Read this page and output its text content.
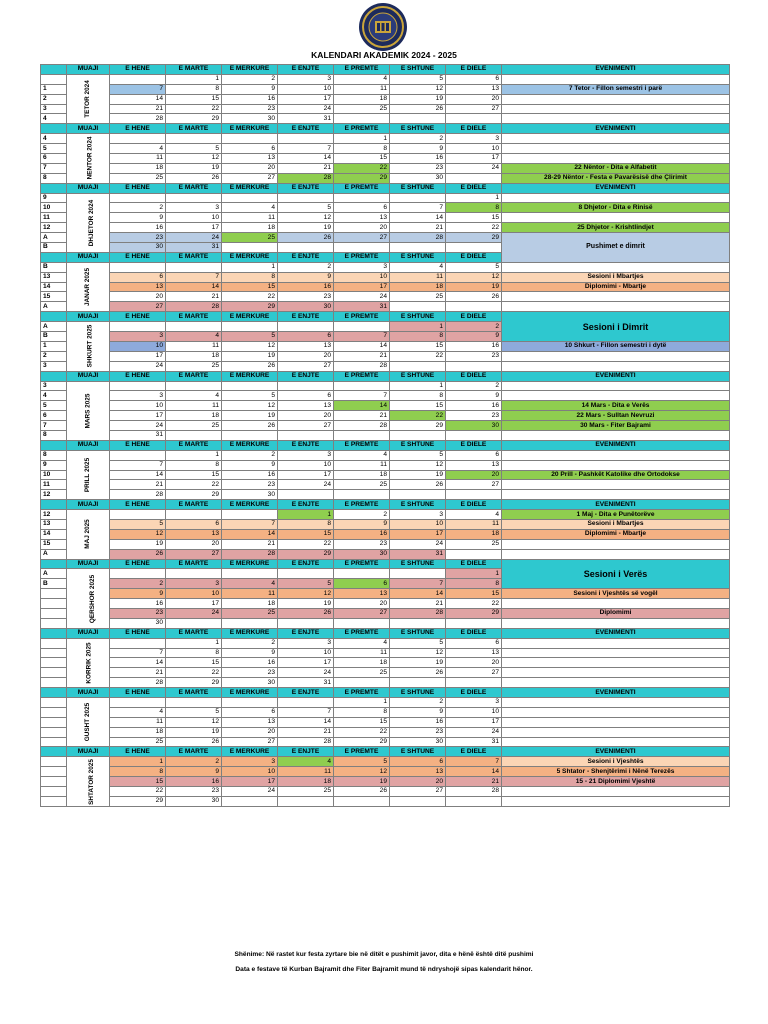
KALENDARI AKADEMIK 2024 - 2025
	MUAJI	E HENE	E MARTE	E MERKURE	E ENJTE	E PREMTE	E SHTUNE	E DIELE	EVENIMENTI	
	TETOR 2024		1	2	3	4	5	6		
1		7	8	9	10	11	12	13	7 Tetor - Fillon semestri i parë	
2		14	15	16	17	18	19	20		
3		21	22	23	24	25	26	27		
4		28	29	30	31					
	MUAJI	E HENE	E MARTE	E MERKURE	E ENJTE	E PREMTE	E SHTUNE	E DIELE	EVENIMENTI	
4	NENTOR 2024					1	2	3		
5		4	5	6	7	8	9	10		
6		11	12	13	14	15	16	17		
7		18	19	20	21	22	23	24	22 Nëntor - Dita e Alfabetit	
8		25	26	27	28	29	30		28-29 Nëntor - Festa e Pavarësisë dhe Çlirimit	
	MUAJI	E HENE	E MARTE	E MERKURE	E ENJTE	E PREMTE	E SHTUNE	E DIELE	EVENIMENTI	
9	DHJETOR 2024							1		
10		2	3	4	5	6	7	8	8 Dhjetor - Dita e Rinisë	
11		9	10	11	12	13	14	15		
12		16	17	18	19	20	21	22	25 Dhjetor - Krishtlindjet	
A		23	24	25	26	27	28	29	Pushimet e dimrit	
B		30	31							
	MUAJI	E HENE	E MARTE	E MERKURE	E ENJTE	E PREMTE	E SHTUNE	E DIELE	
B	JANAR 2025			1	2	3	4	5		
13		6	7	8	9	10	11	12	Sesioni i Mbartjes	
14		13	14	15	16	17	18	19	Diplomimi - Mbartje	
15		20	21	22	23	24	25	26		
A		27	28	29	30	31				
	MUAJI	E HENE	E MARTE	E MERKURE	E ENJTE	E PREMTE	E SHTUNE	E DIELE	Sesioni i Dimrit	
A	SHKURT 2025						1	2		
B		3	4	5	6	7	8	9		
1		10	11	12	13	14	15	16	10 Shkurt - Fillon semestri i dytë	
2		17	18	19	20	21	22	23		
3		24	25	26	27	28				
	MUAJI	E HENE	E MARTE	E MERKURE	E ENJTE	E PREMTE	E SHTUNE	E DIELE	EVENIMENTI	
3	MARS 2025						1	2		
4		3	4	5	6	7	8	9		
5		10	11	12	13	14	15	16	14 Mars - Dita e Verës	
6		17	18	19	20	21	22	23	22 Mars - Sulltan Nevruzi	
7		24	25	26	27	28	29	30	30 Mars - Fiter Bajrami	
8		31								
	MUAJI	E HENE	E MARTE	E MERKURE	E ENJTE	E PREMTE	E SHTUNE	E DIELE	EVENIMENTI	
8	PRILL 2025		1	2	3	4	5	6		
9		7	8	9	10	11	12	13		
10		14	15	16	17	18	19	20	20 Prill - Pashkët Katolike dhe Ortodokse	
11		21	22	23	24	25	26	27		
12		28	29	30						
	MUAJI	E HENE	E MARTE	E MERKURE	E ENJTE	E PREMTE	E SHTUNE	E DIELE	EVENIMENTI	
12	MAJ 2025				1	2	3	4	1 Maj - Dita e Punëtorëve	
13		5	6	7	8	9	10	11	Sesioni i Mbartjes	
14		12	13	14	15	16	17	18	Diplomimi - Mbartje	
15		19	20	21	22	23	24	25		
A		26	27	28	29	30	31			
	MUAJI	E HENE	E MARTE	E MERKURE	E ENJTE	E PREMTE	E SHTUNE	E DIELE	Sesioni i Verës	
A	QERSHOR 2025							1		
B		2	3	4	5	6	7	8		
		9	10	11	12	13	14	15	Sesioni i Vjeshtës së vogël	
		16	17	18	19	20	21	22		
		23	24	25	26	27	28	29	Diplomimi	
		30								
	MUAJI	E HENE	E MARTE	E MERKURE	E ENJTE	E PREMTE	E SHTUNE	E DIELE	EVENIMENTI	
	KORRIK 2025		1	2	3	4	5	6		
		7	8	9	10	11	12	13		
		14	15	16	17	18	19	20		
		21	22	23	24	25	26	27		
		28	29	30	31					
	MUAJI	E HENE	E MARTE	E MERKURE	E ENJTE	E PREMTE	E SHTUNE	E DIELE	EVENIMENTI	
	GUSHT 2025					1	2	3		
		4	5	6	7	8	9	10		
		11	12	13	14	15	16	17		
		18	19	20	21	22	23	24		
		25	26	27	28	29	30	31		
	MUAJI	E HENE	E MARTE	E MERKURE	E ENJTE	E PREMTE	E SHTUNE	E DIELE	EVENIMENTI	
	SHTATOR 2025	1	2	3	4	5	6	7	Sesioni i Vjeshtës	
		8	9	10	11	12	13	14	5 Shtator - Shenjtërimi i Nënë Terezës	
		15	16	17	18	19	20	21	15 - 21 Diplomimi Vjeshtë	
		22	23	24	25	26	27	28		
		29	30							
Shënime: Në rastet kur festa zyrtare bie në ditët e pushimit javor, dita e hënë është ditë pushimi
Data e festave të Kurban Bajramit dhe Fiter Bajramit mund të ndryshojë sipas kalendarit hënor.
